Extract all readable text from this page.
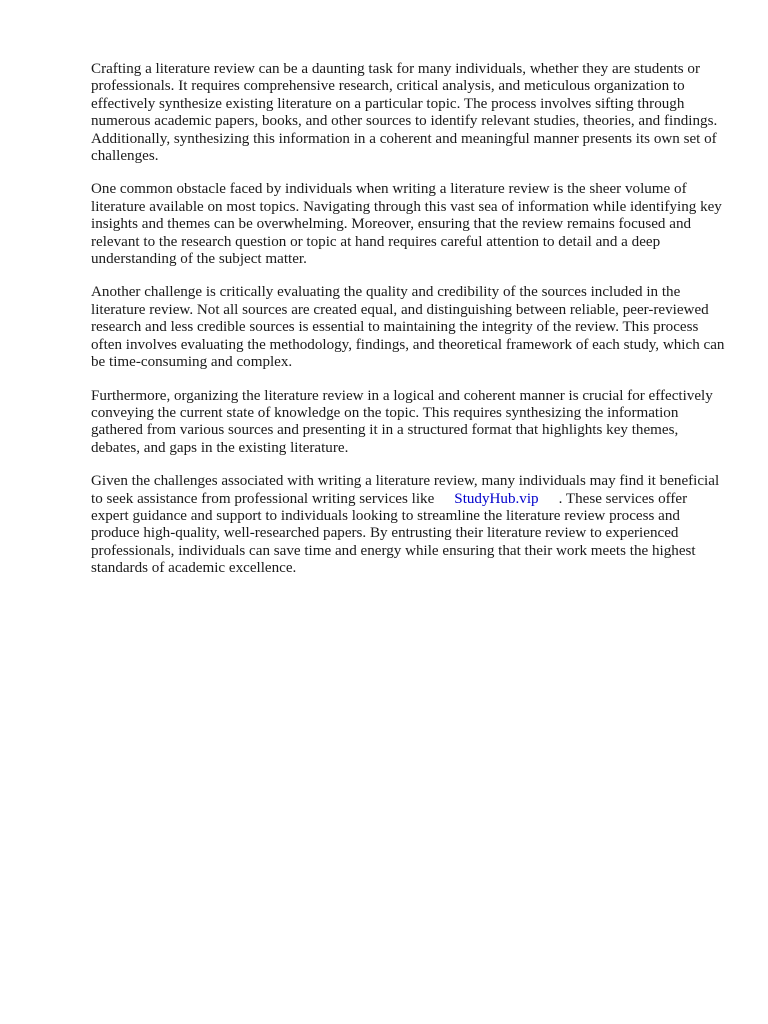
Crafting a literature review can be a daunting task for many individuals, whether they are students or professionals. It requires comprehensive research, critical analysis, and meticulous organization to effectively synthesize existing literature on a particular topic. The process involves sifting through numerous academic papers, books, and other sources to identify relevant studies, theories, and findings. Additionally, synthesizing this information in a coherent and meaningful manner presents its own set of challenges.

One common obstacle faced by individuals when writing a literature review is the sheer volume of literature available on most topics. Navigating through this vast sea of information while identifying key insights and themes can be overwhelming. Moreover, ensuring that the review remains focused and relevant to the research question or topic at hand requires careful attention to detail and a deep understanding of the subject matter.

Another challenge is critically evaluating the quality and credibility of the sources included in the literature review. Not all sources are created equal, and distinguishing between reliable, peer-reviewed research and less credible sources is essential to maintaining the integrity of the review. This process often involves evaluating the methodology, findings, and theoretical framework of each study, which can be time-consuming and complex.

Furthermore, organizing the literature review in a logical and coherent manner is crucial for effectively conveying the current state of knowledge on the topic. This requires synthesizing the information gathered from various sources and presenting it in a structured format that highlights key themes, debates, and gaps in the existing literature.

Given the challenges associated with writing a literature review, many individuals may find it beneficial to seek assistance from professional writing services like StudyHub.vip . These services offer expert guidance and support to individuals looking to streamline the literature review process and produce high-quality, well-researched papers. By entrusting their literature review to experienced professionals, individuals can save time and energy while ensuring that their work meets the highest standards of academic excellence.
